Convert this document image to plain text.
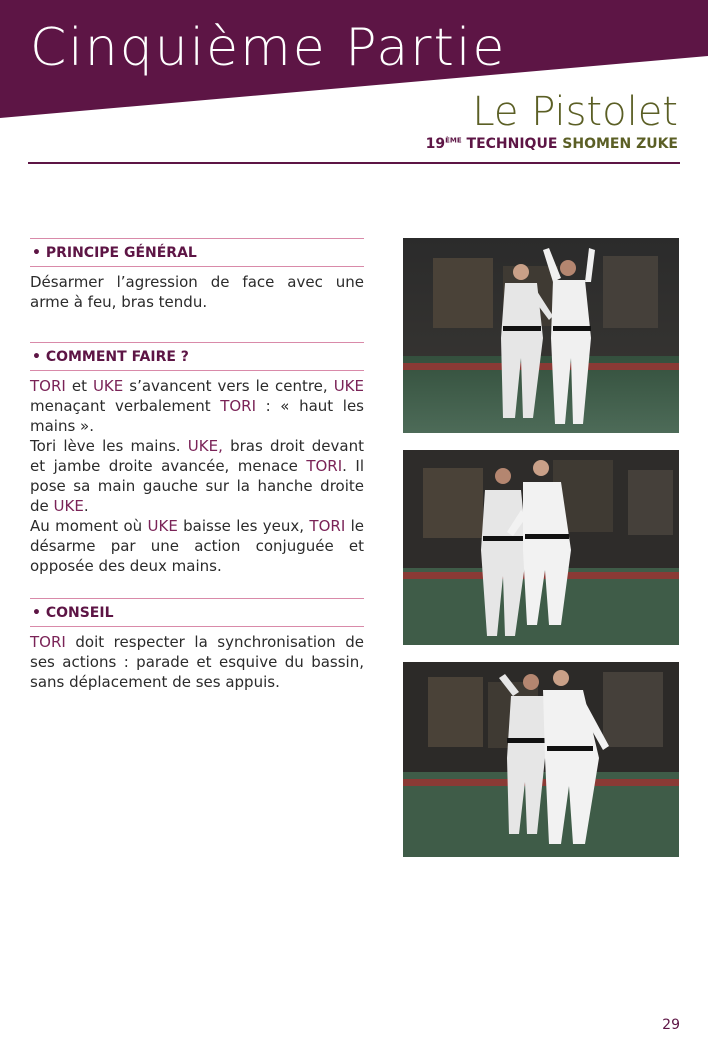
Cinquième Partie
Le Pistolet
19ÈME TECHNIQUE SHOMEN ZUKE
• PRINCIPE GÉNÉRAL

Désarmer l’agression de face avec une arme à feu, bras tendu.

• COMMENT FAIRE ?

TORI et UKE s’avancent vers le centre, UKE menaçant verbalement TORI : « haut les mains ».

Tori lève les mains. UKE, bras droit devant et jambe droite avancée, menace TORI. Il pose sa main gauche sur la hanche droite de UKE.

Au moment où UKE baisse les yeux, TORI le désarme par une action conjuguée et opposée des deux mains.

• CONSEIL

TORI doit respecter la synchronisation de ses actions : parade et esquive du bassin, sans déplacement de ses appuis.

29
